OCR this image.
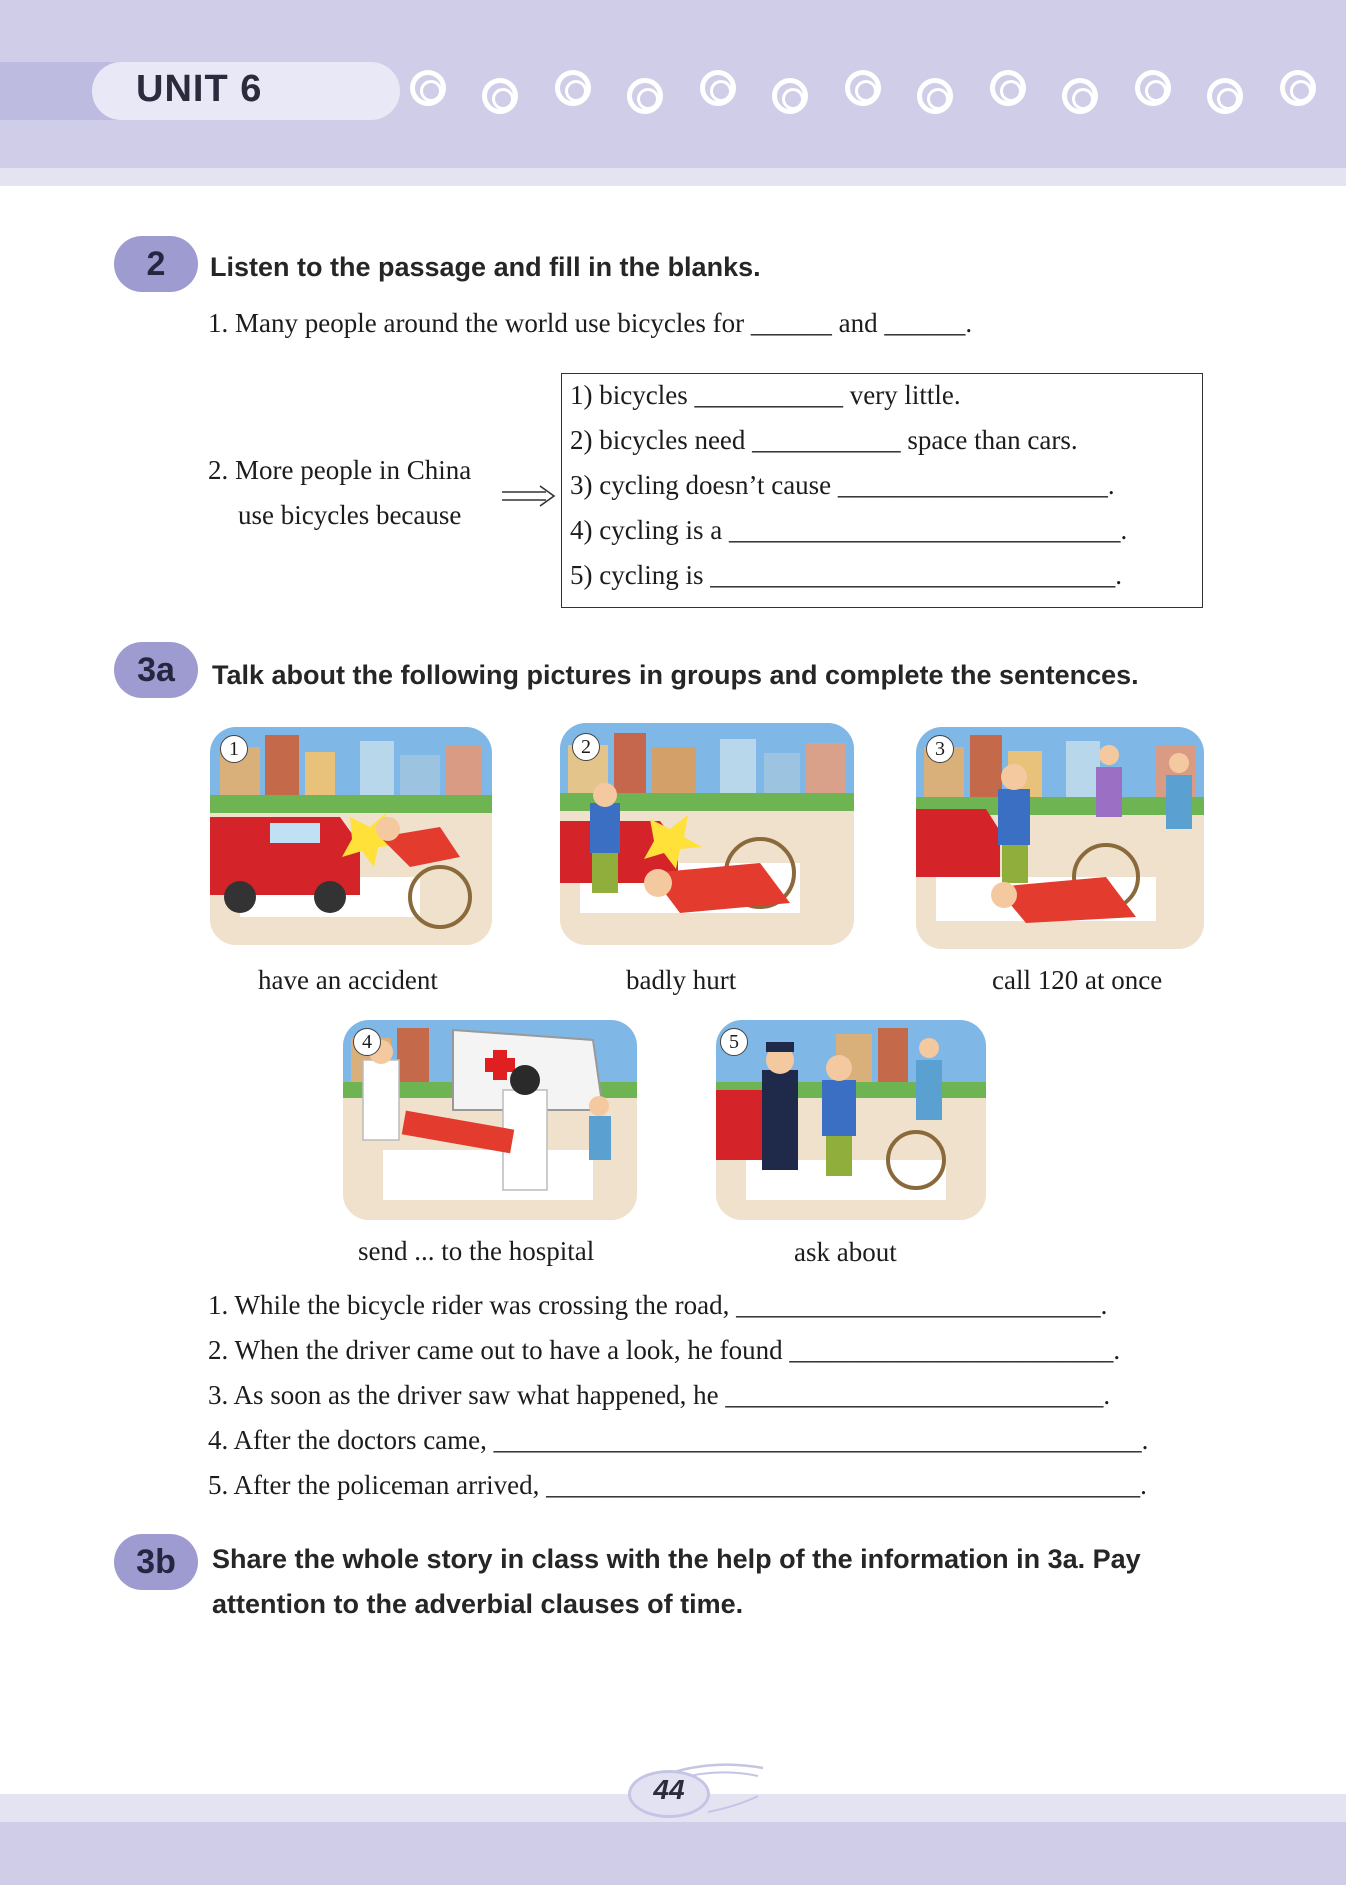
UNIT 6
2	Listen to the passage and fill in the blanks.
1. Many people around the world use bicycles for ______ and ______.
2. More people in China
use bicycles because
1) bicycles ___________ very little.
2) bicycles need ___________ space than cars.
3) cycling doesn’t cause ____________________.
4) cycling is a _____________________________.
5) cycling is ______________________________.
3a	Talk about the following pictures in groups and complete the sentences.
1
have an accident
2
badly hurt
3
call 120 at once
4
send ... to the hospital
5
ask about
1. While the bicycle rider was crossing the road, ___________________________.
2. When the driver came out to have a look, he found ________________________.
3. As soon as the driver saw what happened, he ____________________________.
4. After the doctors came, ________________________________________________.
5. After the policeman arrived, ____________________________________________.
3b	Share the whole story in class with the help of the information in 3a. Pay
attention to the adverbial clauses of time.
44
